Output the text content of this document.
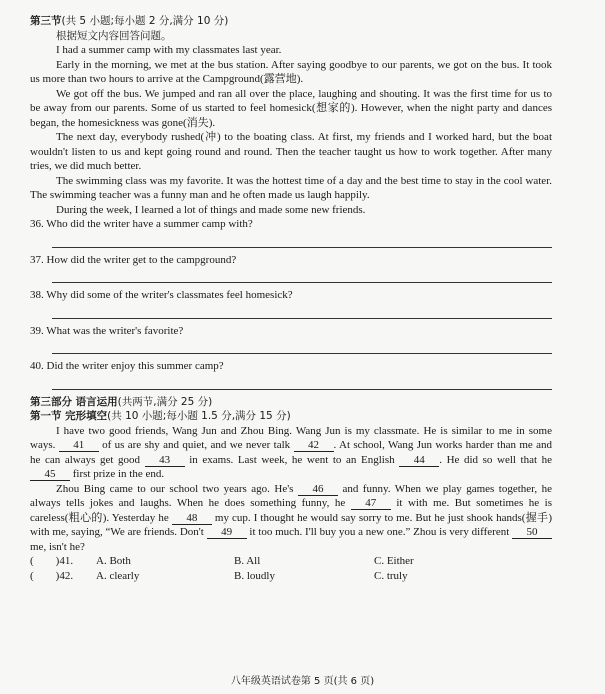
第三节(共 5 小题;每小题 2 分,满分 10 分)
根据短文内容回答问题。

I had a summer camp with my classmates last year.

Early in the morning, we met at the bus station. After saying goodbye to our parents, we got on the bus. It took us more than two hours to arrive at the Campground(露营地).

We got off the bus. We jumped and ran all over the place, laughing and shouting. It was the first time for us to be away from our parents. Some of us started to feel homesick(想家的). However, when the night party and dances began, the homesickness was gone(消失).

The next day, everybody rushed(冲) to the boating class. At first, my friends and I worked hard, but the boat wouldn't listen to us and kept going round and round. Then the teacher taught us how to work together. After many tries, we did much better.

The swimming class was my favorite. It was the hottest time of a day and the best time to stay in the cool water. The swimming teacher was a funny man and he often made us laugh happily.

During the week, I learned a lot of things and made some new friends.

36. Who did the writer have a summer camp with?
37. How did the writer get to the campground?
38. Why did some of the writer's classmates feel homesick?
39. What was the writer's favorite?
40. Did the writer enjoy this summer camp?
第三部分 语言运用(共两节,满分 25 分)
第一节 完形填空(共 10 小题;每小题 1.5 分,满分 15 分)

I have two good friends, Wang Jun and Zhou Bing. Wang Jun is my classmate. He is similar to me in some ways. 41 of us are shy and quiet, and we never talk 42 . At school, Wang Jun works harder than me and he can always get good 43 in exams. Last week, he went to an English 44 . He did so well that he 45 first prize in the end.

Zhou Bing came to our school two years ago. He's 46 and funny. When we play games together, he always tells jokes and laughs. When he does something funny, he 47 it with me. But sometimes he is careless(粗心的). Yesterday he 48 my cup. I thought he would say sorry to me. But he just shook hands(握手) with me, saying, “We are friends. Don't 49 it too much. I'll buy you a new one.” Zhou is very different 50 me, isn't he?

(　　)41.	A. Both	B. All	C. Either
(　　)42.	A. clearly	B. loudly	C. truly
八年级英语试卷第 5 页(共 6 页)
